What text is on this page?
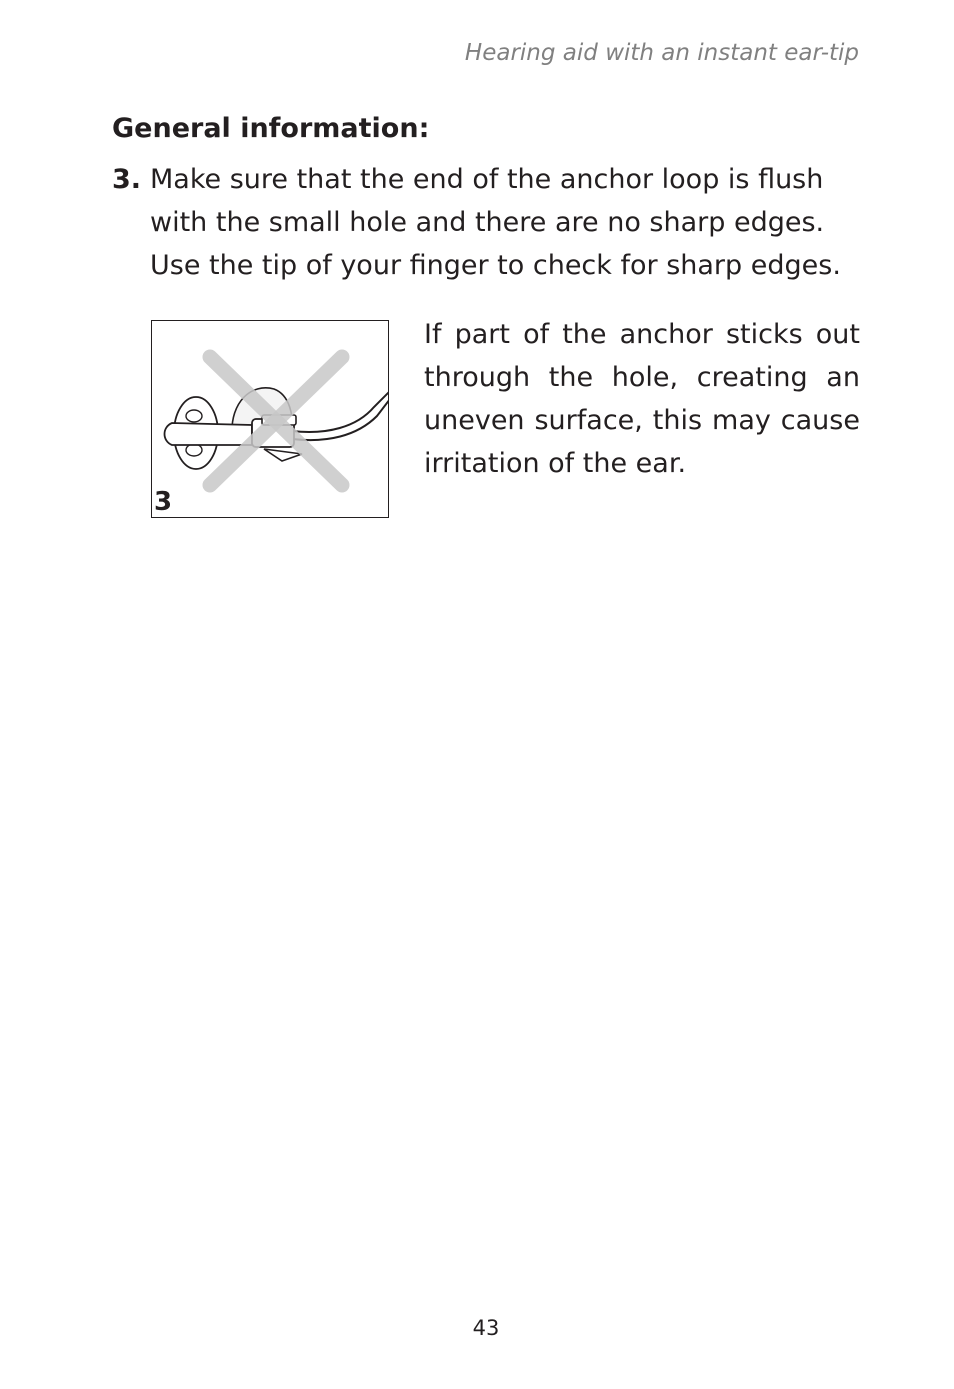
Hearing aid with an instant ear-tip
General information:
3. Make sure that the end of the anchor loop is flush
with the small hole and there are no sharp edges.
Use the tip of your finger to check for sharp edges.
3
If part of the anchor sticks out
through the hole, creating an
uneven surface, this may cause
irritation of the ear.
43
